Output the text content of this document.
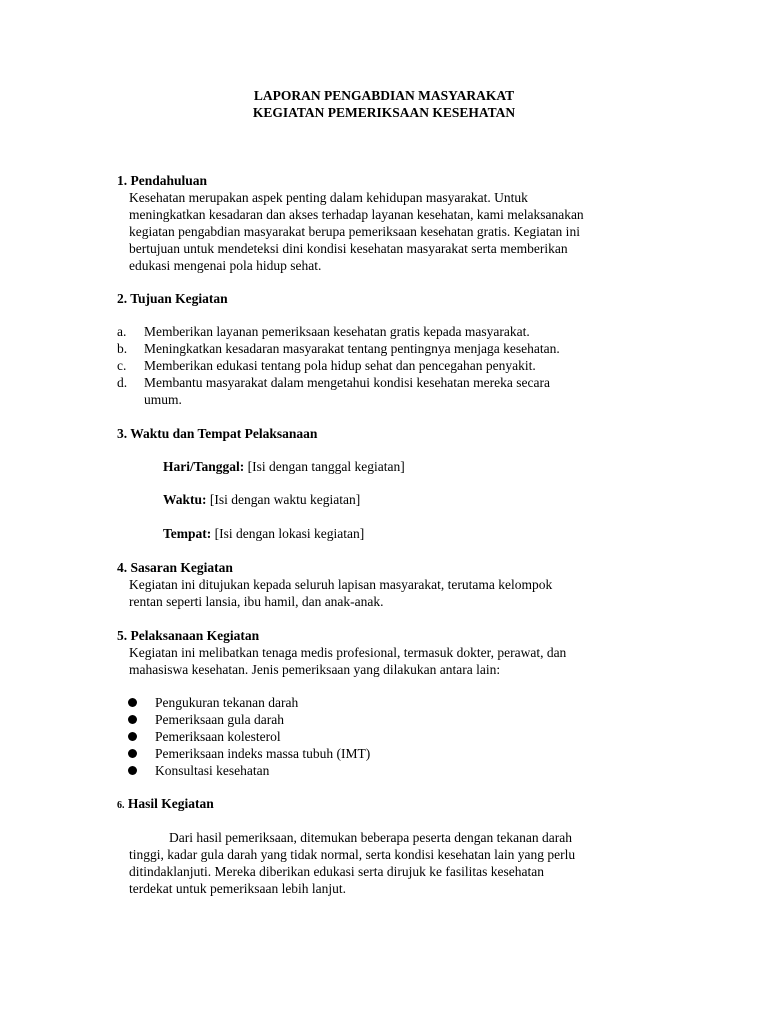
LAPORAN PENGABDIAN MASYARAKAT
KEGIATAN PEMERIKSAAN KESEHATAN
1. Pendahuluan

Kesehatan merupakan aspek penting dalam kehidupan masyarakat. Untuk

meningkatkan kesadaran dan akses terhadap layanan kesehatan, kami melaksanakan

kegiatan pengabdian masyarakat berupa pemeriksaan kesehatan gratis. Kegiatan ini

bertujuan untuk mendeteksi dini kondisi kesehatan masyarakat serta memberikan

edukasi mengenai pola hidup sehat.

2. Tujuan Kegiatan
a.	Memberikan layanan pemeriksaan kesehatan gratis kepada masyarakat.
b.	Meningkatkan kesadaran masyarakat tentang pentingnya menjaga kesehatan.
c.	Memberikan edukasi tentang pola hidup sehat dan pencegahan penyakit.
d.	Membantu masyarakat dalam mengetahui kondisi kesehatan mereka secara
umum.
3. Waktu dan Tempat Pelaksanaan
Hari/Tanggal: [Isi dengan tanggal kegiatan]
Waktu: [Isi dengan waktu kegiatan]
Tempat: [Isi dengan lokasi kegiatan]
4. Sasaran Kegiatan

Kegiatan ini ditujukan kepada seluruh lapisan masyarakat, terutama kelompok

rentan seperti lansia, ibu hamil, dan anak-anak.

5. Pelaksanaan Kegiatan

Kegiatan ini melibatkan tenaga medis profesional, termasuk dokter, perawat, dan

mahasiswa kesehatan. Jenis pemeriksaan yang dilakukan antara lain:

Pengukuran tekanan darah
Pemeriksaan gula darah
Pemeriksaan kolesterol
Pemeriksaan indeks massa tubuh (IMT)
Konsultasi kesehatan
6. Hasil Kegiatan

Dari hasil pemeriksaan, ditemukan beberapa peserta dengan tekanan darah

tinggi, kadar gula darah yang tidak normal, serta kondisi kesehatan lain yang perlu

ditindaklanjuti. Mereka diberikan edukasi serta dirujuk ke fasilitas kesehatan

terdekat untuk pemeriksaan lebih lanjut.
